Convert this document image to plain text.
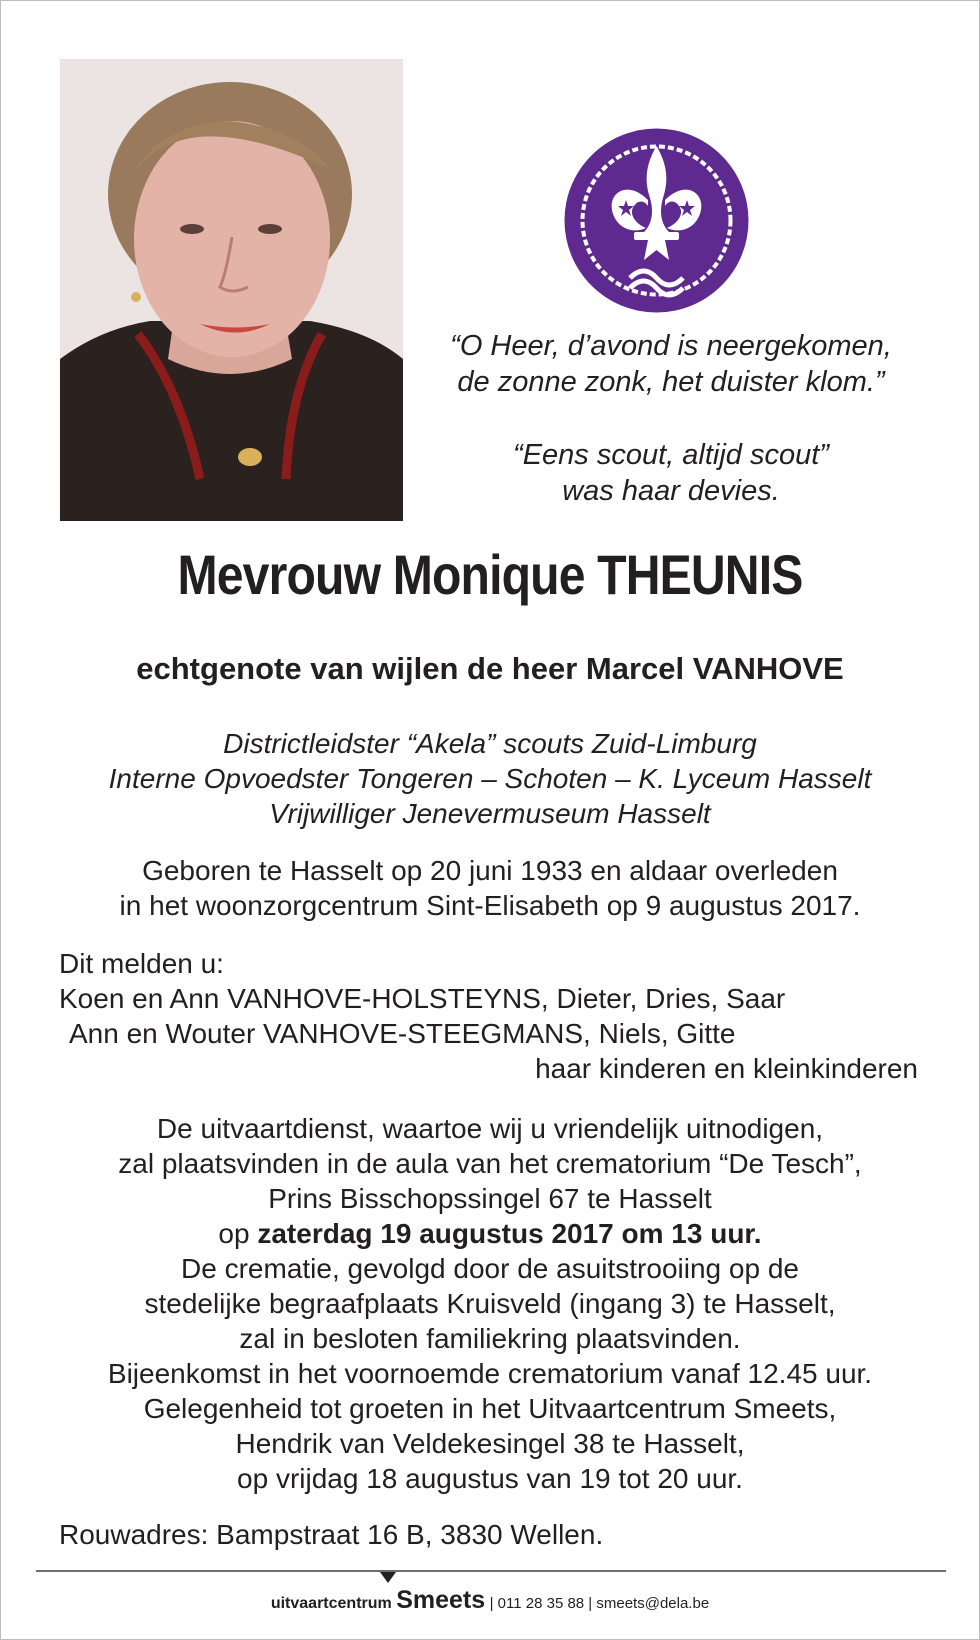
“O Heer, d’avond is neergekomen,
de zonne zonk, het duister klom.”
“Eens scout, altijd scout”
was haar devies.
Mevrouw Monique THEUNIS
echtgenote van wijlen de heer Marcel VANHOVE
Districtleidster “Akela” scouts Zuid-Limburg
Interne Opvoedster Tongeren – Schoten – K. Lyceum Hasselt
Vrijwilliger Jenevermuseum Hasselt
Geboren te Hasselt op 20 juni 1933 en aldaar overleden
in het woonzorgcentrum Sint-Elisabeth op 9 augustus 2017.
Dit melden u:
Koen en Ann VANHOVE-HOLSTEYNS, Dieter, Dries, Saar
Ann en Wouter VANHOVE-STEEGMANS, Niels, Gitte
haar kinderen en kleinkinderen
De uitvaartdienst, waartoe wij u vriendelijk uitnodigen,
zal plaatsvinden in de aula van het crematorium “De Tesch”,
Prins Bisschopssingel 67 te Hasselt
op zaterdag 19 augustus 2017 om 13 uur.
De crematie, gevolgd door de asuitstrooiing op de
stedelijke begraafplaats Kruisveld (ingang 3) te Hasselt,
zal in besloten familiekring plaatsvinden.
Bijeenkomst in het voornoemde crematorium vanaf 12.45 uur.
Gelegenheid tot groeten in het Uitvaartcentrum Smeets,
Hendrik van Veldekesingel 38 te Hasselt,
op vrijdag 18 augustus van 19 tot 20 uur.
Rouwadres: Bampstraat 16 B, 3830 Wellen.
uitvaartcentrum Smeets | 011 28 35 88 | smeets@dela.be
